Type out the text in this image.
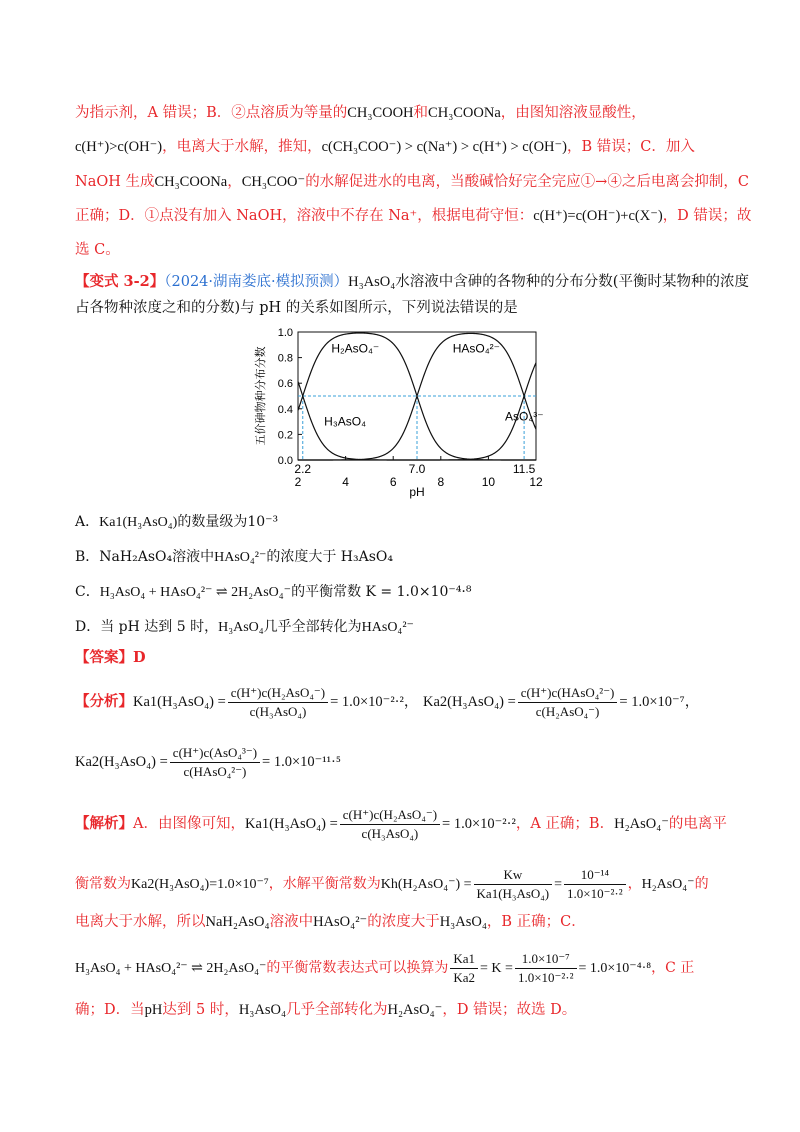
为指示剂，A 错误；B．②点溶质为等量的CH₃COOH和CH₃COONa，由图知溶液显酸性，
c(H⁺)>c(OH⁻)，电离大于水解，推知，c(CH₃COO⁻) > c(Na⁺) > c(H⁺) > c(OH⁻)，B 错误；C．加入
NaOH 生成CH₃COONa，CH₃COO⁻的水解促进水的电离，当酸碱恰好完全完应①→④之后电离会抑制，C
正确；D．①点没有加入 NaOH，溶液中不存在 Na⁺，根据电荷守恒：c(H⁺)=c(OH⁻)+c(X⁻)，D 错误；故
选 C。
【变式 3-2】（2024·湖南娄底·模拟预测）H₃AsO₄水溶液中含砷的各物种的分布分数(平衡时某物种的浓度
占各物种浓度之和的分数)与 pH 的关系如图所示，下列说法错误的是
0.0
0.2
0.4
0.6
0.8
1.0
2	4	6	8	10	12
2.2	7.0	11.5
pH
五价砷物种分布分数	H₃AsO₄
H₂AsO₄⁻	HAsO₄²⁻
AsO₄³⁻
A．Ka1(H₃AsO₄)的数量级为10⁻³
B．NaH₂AsO₄溶液中HAsO₄²⁻的浓度大于 H₃AsO₄
C．H₃AsO₄ + HAsO₄²⁻ ⇌ 2H₂AsO₄⁻的平衡常数 K = 1.0×10⁻⁴·⁸
D．当 pH 达到 5 时，H₃AsO₄几乎全部转化为HAsO₄²⁻
【答案】D
【分析】$Ka1(H_3AsO_4) = \frac{\text{c(H⁺)c(H₂AsO₄⁻)}}{\text{c(H₃AsO₄)}} = 1.0\times 10^{-2}\cdot^2$， $Ka2(H_3AsO_4) = \frac{\text{c(H⁺)c(HAsO₄²⁻)}}{\text{c(H₂AsO₄⁻)}} = 1.0\times 10^{-7}$，
$Ka2(H_3AsO_4) = \frac{\text{c(H⁺)c(AsO₄³⁻)}}{\text{c(HAsO₄²⁻)}} = 1.0\times 10^{-11}\cdot^5$
【解析】A．由图像可知，$Ka1(H_3AsO_4) = \frac{\text{c(H⁺)c(H₂AsO₄⁻)}}{\text{c(H₃AsO₄)}} = 1.0\times 10^{-2}\cdot^2$，A 正确；B．H₂AsO₄⁻的电离平
衡常数为Ka2(H₃AsO₄)=1.0×10⁻⁷，水解平衡常数为$Kh(H_2AsO_4^-) = \frac{Kw}{\text{Ka1(H₃AsO₄)}} = \frac{\text{10⁻¹⁴}}{\text{1.0×10⁻²·²}}$ ，H₂AsO₄⁻的
电离大于水解，所以NaH₂AsO₄溶液中HAsO₄²⁻的浓度大于H₃AsO₄，B 正确；C．
H₃AsO₄ + HAsO₄²⁻ ⇌ 2H₂AsO₄⁻的平衡常数表达式可以换算为 $\frac{Ka1}{Ka2} = K = \frac{\text{1.0×10⁻⁷}}{\text{1.0×10⁻²·²}} = 1.0\times 10^{-4}\cdot^8$，C 正
确；D．当pH达到 5 时，H₃AsO₄几乎全部转化为H₂AsO₄⁻，D 错误；故选 D。
